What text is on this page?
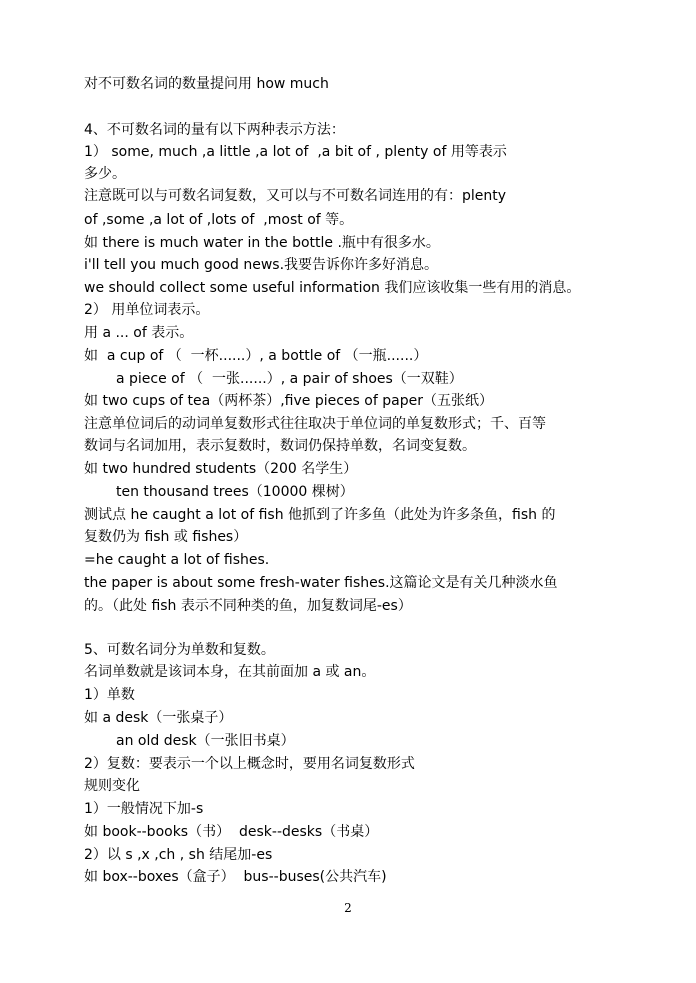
对不可数名词的数量提问用 how much
4、不可数名词的量有以下两种表示方法：
1） some, much ,a little ,a lot of  ,a bit of , plenty of 用等表示
多少。
注意既可以与可数名词复数，又可以与不可数名词连用的有：plenty
of ,some ,a lot of ,lots of  ,most of 等。
如 there is much water in the bottle .瓶中有很多水。
i'll tell you much good news.我要告诉你许多好消息。
we should collect some useful information 我们应该收集一些有用的消息。
2） 用单位词表示。
用 a ... of 表示。
如  a cup of （  一杯......）, a bottle of （一瓶......）
a piece of （  一张......）, a pair of shoes（一双鞋）
如 two cups of tea（两杯茶）,five pieces of paper（五张纸）
注意单位词后的动词单复数形式往往取决于单位词的单复数形式；千、百等
数词与名词加用，表示复数时，数词仍保持单数，名词变复数。
如 two hundred students（200 名学生）
ten thousand trees（10000 棵树）
测试点 he caught a lot of fish 他抓到了许多鱼（此处为许多条鱼，fish 的
复数仍为 fish 或 fishes）
=he caught a lot of fishes.
the paper is about some fresh-water fishes.这篇论文是有关几种淡水鱼
的。（此处 fish 表示不同种类的鱼，加复数词尾-es）
5、可数名词分为单数和复数。
名词单数就是该词本身，在其前面加 a 或 an。
1）单数
如 a desk（一张桌子）
an old desk（一张旧书桌）
2）复数：要表示一个以上概念时，要用名词复数形式
规则变化
1）一般情况下加-s
如 book--books（书）  desk--desks（书桌）
2）以 s ,x ,ch , sh 结尾加-es
如 box--boxes（盒子）  bus--buses(公共汽车)
2
